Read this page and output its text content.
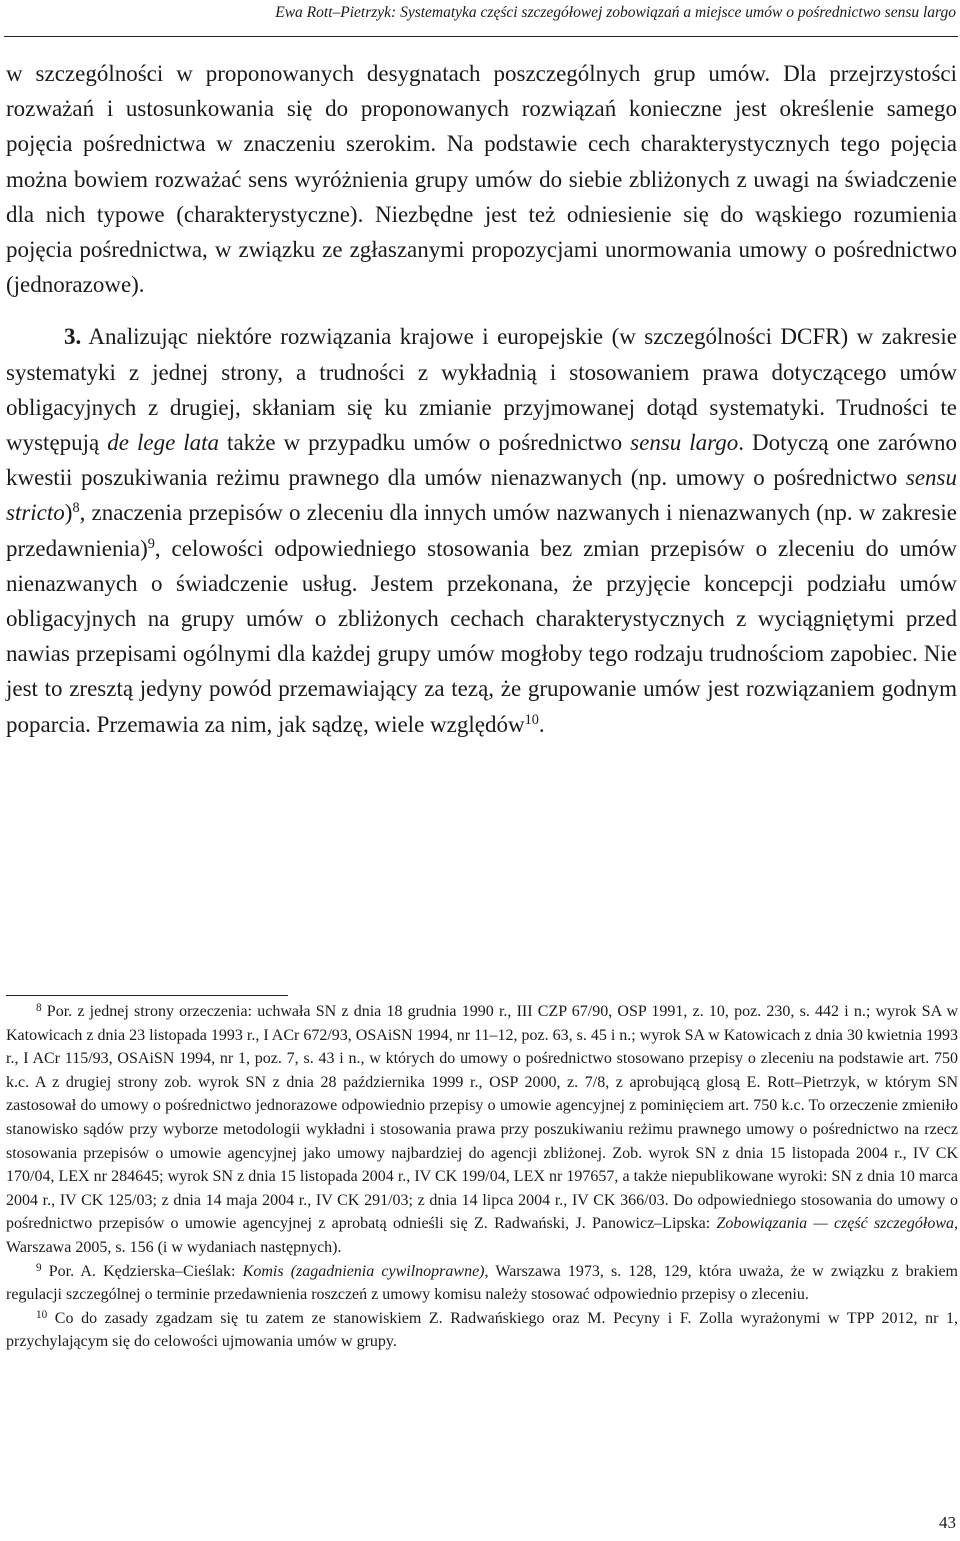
Ewa Rott–Pietrzyk: Systematyka części szczegółowej zobowiązań a miejsce umów o pośrednictwo sensu largo

w szczególności w proponowanych desygnatach poszczególnych grup umów. Dla przejrzystości rozważań i ustosunkowania się do proponowanych rozwiązań konieczne jest określenie samego pojęcia pośrednictwa w znaczeniu szerokim. Na podstawie cech charakterystycznych tego pojęcia można bowiem rozważać sens wyróżnienia grupy umów do siebie zbliżonych z uwagi na świadczenie dla nich typowe (charakterystyczne). Niezbędne jest też odniesienie się do wąskiego rozumienia pojęcia pośrednictwa, w związku ze zgłaszanymi propozycjami unormowania umowy o pośrednictwo (jednorazowe).

3. Analizując niektóre rozwiązania krajowe i europejskie (w szczególności DCFR) w zakresie systematyki z jednej strony, a trudności z wykładnią i stosowaniem prawa dotyczącego umów obligacyjnych z drugiej, skłaniam się ku zmianie przyjmowanej dotąd systematyki. Trudności te występują de lege lata także w przypadku umów o pośrednictwo sensu largo. Dotyczą one zarówno kwestii poszukiwania reżimu prawnego dla umów nienazwanych (np. umowy o pośrednictwo sensu stricto)$^8$, znaczenia przepisów o zleceniu dla innych umów nazwanych i nienazwanych (np. w zakresie przedawnienia)$^9$, celowości odpowiedniego stosowania bez zmian przepisów o zleceniu do umów nienazwanych o świadczenie usług. Jestem przekonana, że przyjęcie koncepcji podziału umów obligacyjnych na grupy umów o zbliżonych cechach charakterystycznych z wyciągniętymi przed nawias przepisami ogólnymi dla każdej grupy umów mogłoby tego rodzaju trudnościom zapobiec. Nie jest to zresztą jedyny powód przemawiający za tezą, że grupowanie umów jest rozwiązaniem godnym poparcia. Przemawia za nim, jak sądzę, wiele względów$^{10}$.

$^8$ Por. z jednej strony orzeczenia: uchwała SN z dnia 18 grudnia 1990 r., III CZP 67/90, OSP 1991, z. 10, poz. 230, s. 442 i n.; wyrok SA w Katowicach z dnia 23 listopada 1993 r., I ACr 672/93, OSAiSN 1994, nr 11–12, poz. 63, s. 45 i n.; wyrok SA w Katowicach z dnia 30 kwietnia 1993 r., I ACr 115/93, OSAiSN 1994, nr 1, poz. 7, s. 43 i n., w których do umowy o pośrednictwo stosowano przepisy o zleceniu na podstawie art. 750 k.c. A z drugiej strony zob. wyrok SN z dnia 28 października 1999 r., OSP 2000, z. 7/8, z aprobującą glosą E. Rott–Pietrzyk, w którym SN zastosował do umowy o pośrednictwo jednorazowe odpowiednio przepisy o umowie agencyjnej z pominięciem art. 750 k.c. To orzeczenie zmieniło stanowisko sądów przy wyborze metodologii wykładni i stosowania prawa przy poszukiwaniu reżimu prawnego umowy o pośrednictwo na rzecz stosowania przepisów o umowie agencyjnej jako umowy najbardziej do agencji zbliżonej. Zob. wyrok SN z dnia 15 listopada 2004 r., IV CK 170/04, LEX nr 284645; wyrok SN z dnia 15 listopada 2004 r., IV CK 199/04, LEX nr 197657, a także niepublikowane wyroki: SN z dnia 10 marca 2004 r., IV CK 125/03; z dnia 14 maja 2004 r., IV CK 291/03; z dnia 14 lipca 2004 r., IV CK 366/03. Do odpowiedniego stosowania do umowy o pośrednictwo przepisów o umowie agencyjnej z aprobatą odnieśli się Z. Radwański, J. Panowicz–Lipska: Zobowiązania — część szczegółowa, Warszawa 2005, s. 156 (i w wydaniach następnych).

$^9$ Por. A. Kędzierska–Cieślak: Komis (zagadnienia cywilnoprawne), Warszawa 1973, s. 128, 129, która uważa, że w związku z brakiem regulacji szczególnej o terminie przedawnienia roszczeń z umowy komisu należy stosować odpowiednio przepisy o zleceniu.

$^{10}$ Co do zasady zgadzam się tu zatem ze stanowiskiem Z. Radwańskiego oraz M. Pecyny i F. Zolla wyrażonymi w TPP 2012, nr 1, przychylającym się do celowości ujmowania umów w grupy.

43
